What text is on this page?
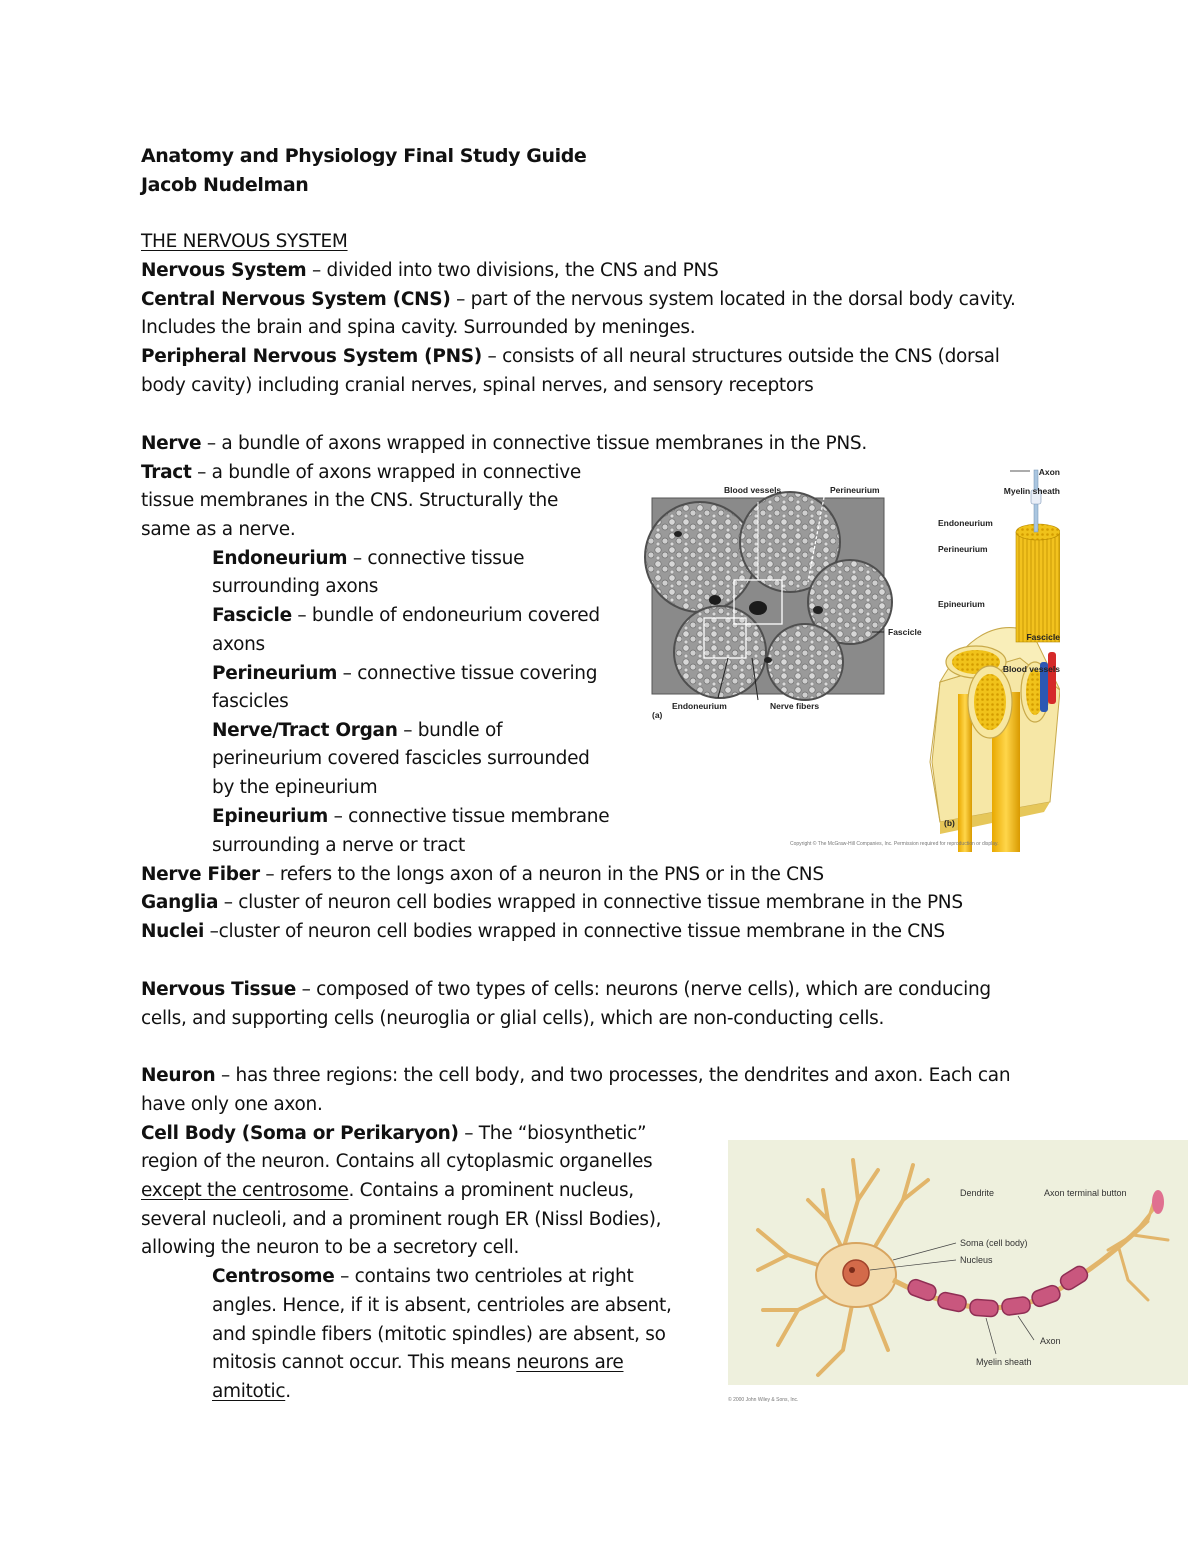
Anatomy and Physiology Final Study Guide
Jacob Nudelman
THE NERVOUS SYSTEM
Nervous System – divided into two divisions, the CNS and PNS
Central Nervous System (CNS) – part of the nervous system located in the dorsal body cavity.
Includes the brain and spina cavity. Surrounded by meninges.
Peripheral Nervous System (PNS) – consists of all neural structures outside the CNS (dorsal
body cavity) including cranial nerves, spinal nerves, and sensory receptors
Nerve – a bundle of axons wrapped in connective tissue membranes in the PNS.
Tract – a bundle of axons wrapped in connective
tissue membranes in the CNS. Structurally the
same as a nerve.
Endoneurium – connective tissue
surrounding axons
Fascicle – bundle of endoneurium covered
axons
Perineurium – connective tissue covering
fascicles
Nerve/Tract Organ – bundle of
perineurium covered fascicles surrounded
by the epineurium
Epineurium – connective tissue membrane
surrounding a nerve or tract
Nerve Fiber – refers to the longs axon of a neuron in the PNS or in the CNS
Ganglia – cluster of neuron cell bodies wrapped in connective tissue membrane in the PNS
Nuclei –cluster of neuron cell bodies wrapped in connective tissue membrane in the CNS
Nervous Tissue – composed of two types of cells: neurons (nerve cells), which are conducing
cells, and supporting cells (neuroglia or glial cells), which are non-conducting cells.
Neuron – has three regions: the cell body, and two processes, the dendrites and axon. Each can
have only one axon.
Cell Body (Soma or Perikaryon) – The “biosynthetic”
region of the neuron. Contains all cytoplasmic organelles
except the centrosome. Contains a prominent nucleus,
several nucleoli, and a prominent rough ER (Nissl Bodies),
allowing the neuron to be a secretory cell.
Centrosome – contains two centrioles at right
angles. Hence, if it is absent, centrioles are absent,
and spindle fibers (mitotic spindles) are absent, so
mitosis cannot occur. This means neurons are
amitotic.
Blood vessels	Perineurium
Fascicle
Endoneurium	Nerve fibers
(a)
Axon
Myelin sheath
Endoneurium
Perineurium
Epineurium
Fascicle
Blood vessels
(b)
Copyright © The McGraw-Hill Companies, Inc. Permission required for reproduction or display.
Dendrite	Axon terminal button
Soma (cell body)
Nucleus
Axon
Myelin sheath
© 2000 John Wiley & Sons, Inc.
